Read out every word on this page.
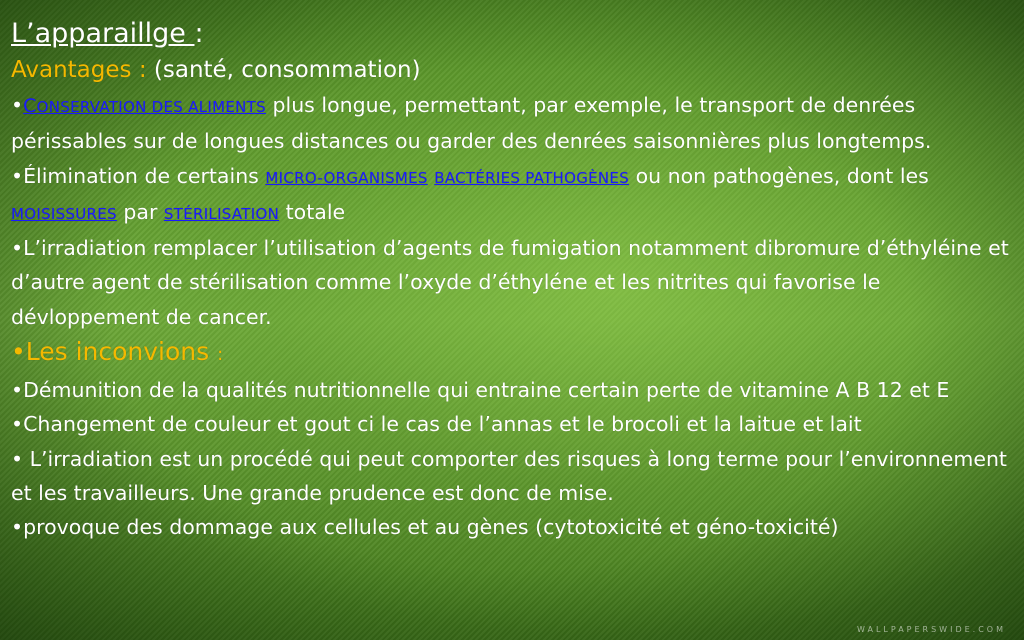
L’apparaillge :

Avantages : (santé, consommation)

•CONSERVATION DES ALIMENTS plus longue, permettant, par exemple, le transport de denrées périssables sur de longues distances ou garder des denrées saisonnières plus longtemps.

•Élimination de certains MICRO-ORGANISMES BACTÉRIES PATHOGÈNES ou non pathogènes, dont les MOISISSURES par STÉRILISATION totale

•L’irradiation remplacer l’utilisation d’agents de fumigation notamment dibromure d’éthyléine et d’autre agent de stérilisation comme l’oxyde d’éthyléne et les nitrites qui favorise le dévloppement de cancer.

•Les inconvions :

•Démunition de la qualités nutritionnelle qui entraine certain perte de vitamine A B 12 et E

•Changement de couleur et gout ci le cas de l’annas et le brocoli et la laitue et lait

• L’irradiation est un procédé qui peut comporter des risques à long terme pour l’environnement et les travailleurs. Une grande prudence est donc de mise.

•provoque des dommage aux cellules et au gènes (cytotoxicité et géno-toxicité)

WALLPAPERSWIDE.COM
